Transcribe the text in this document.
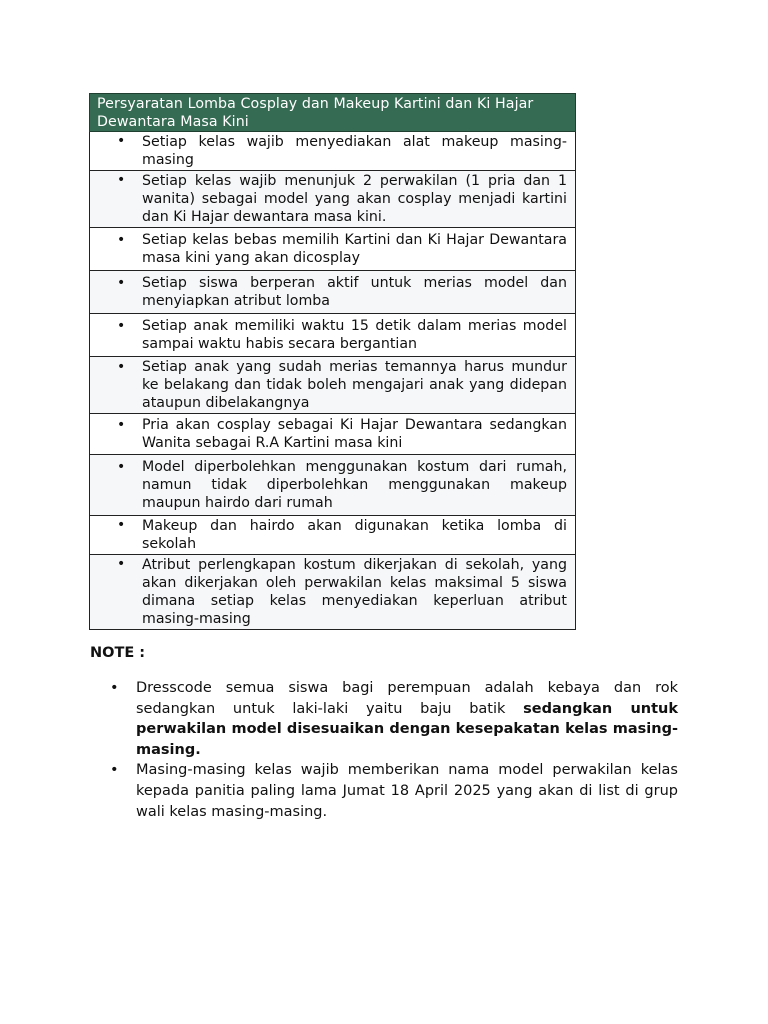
Persyaratan Lomba Cosplay dan Makeup Kartini dan Ki Hajar Dewantara Masa Kini

• Setiap kelas wajib menyediakan alat makeup masing-masing

• Setiap kelas wajib menunjuk 2 perwakilan (1 pria dan 1 wanita) sebagai model yang akan cosplay menjadi kartini dan Ki Hajar dewantara masa kini.

• Setiap kelas bebas memilih Kartini dan Ki Hajar Dewantara masa kini yang akan dicosplay

• Setiap siswa berperan aktif untuk merias model dan menyiapkan atribut lomba

• Setiap anak memiliki waktu 15 detik dalam merias model sampai waktu habis secara bergantian

• Setiap anak yang sudah merias temannya harus mundur ke belakang dan tidak boleh mengajari anak yang didepan ataupun dibelakangnya

• Pria akan cosplay sebagai Ki Hajar Dewantara sedangkan Wanita sebagai R.A Kartini masa kini

• Model diperbolehkan menggunakan kostum dari rumah, namun tidak diperbolehkan menggunakan makeup maupun hairdo dari rumah

• Makeup dan hairdo akan digunakan ketika lomba di sekolah

• Atribut perlengkapan kostum dikerjakan di sekolah, yang akan dikerjakan oleh perwakilan kelas maksimal 5 siswa dimana setiap kelas menyediakan keperluan atribut masing-masing
NOTE :
• Dresscode semua siswa bagi perempuan adalah kebaya dan rok sedangkan untuk laki-laki yaitu baju batik sedangkan untuk perwakilan model disesuaikan dengan kesepakatan kelas masing-masing.
• Masing-masing kelas wajib memberikan nama model perwakilan kelas kepada panitia paling lama Jumat 18 April 2025 yang akan di list di grup wali kelas masing-masing.
